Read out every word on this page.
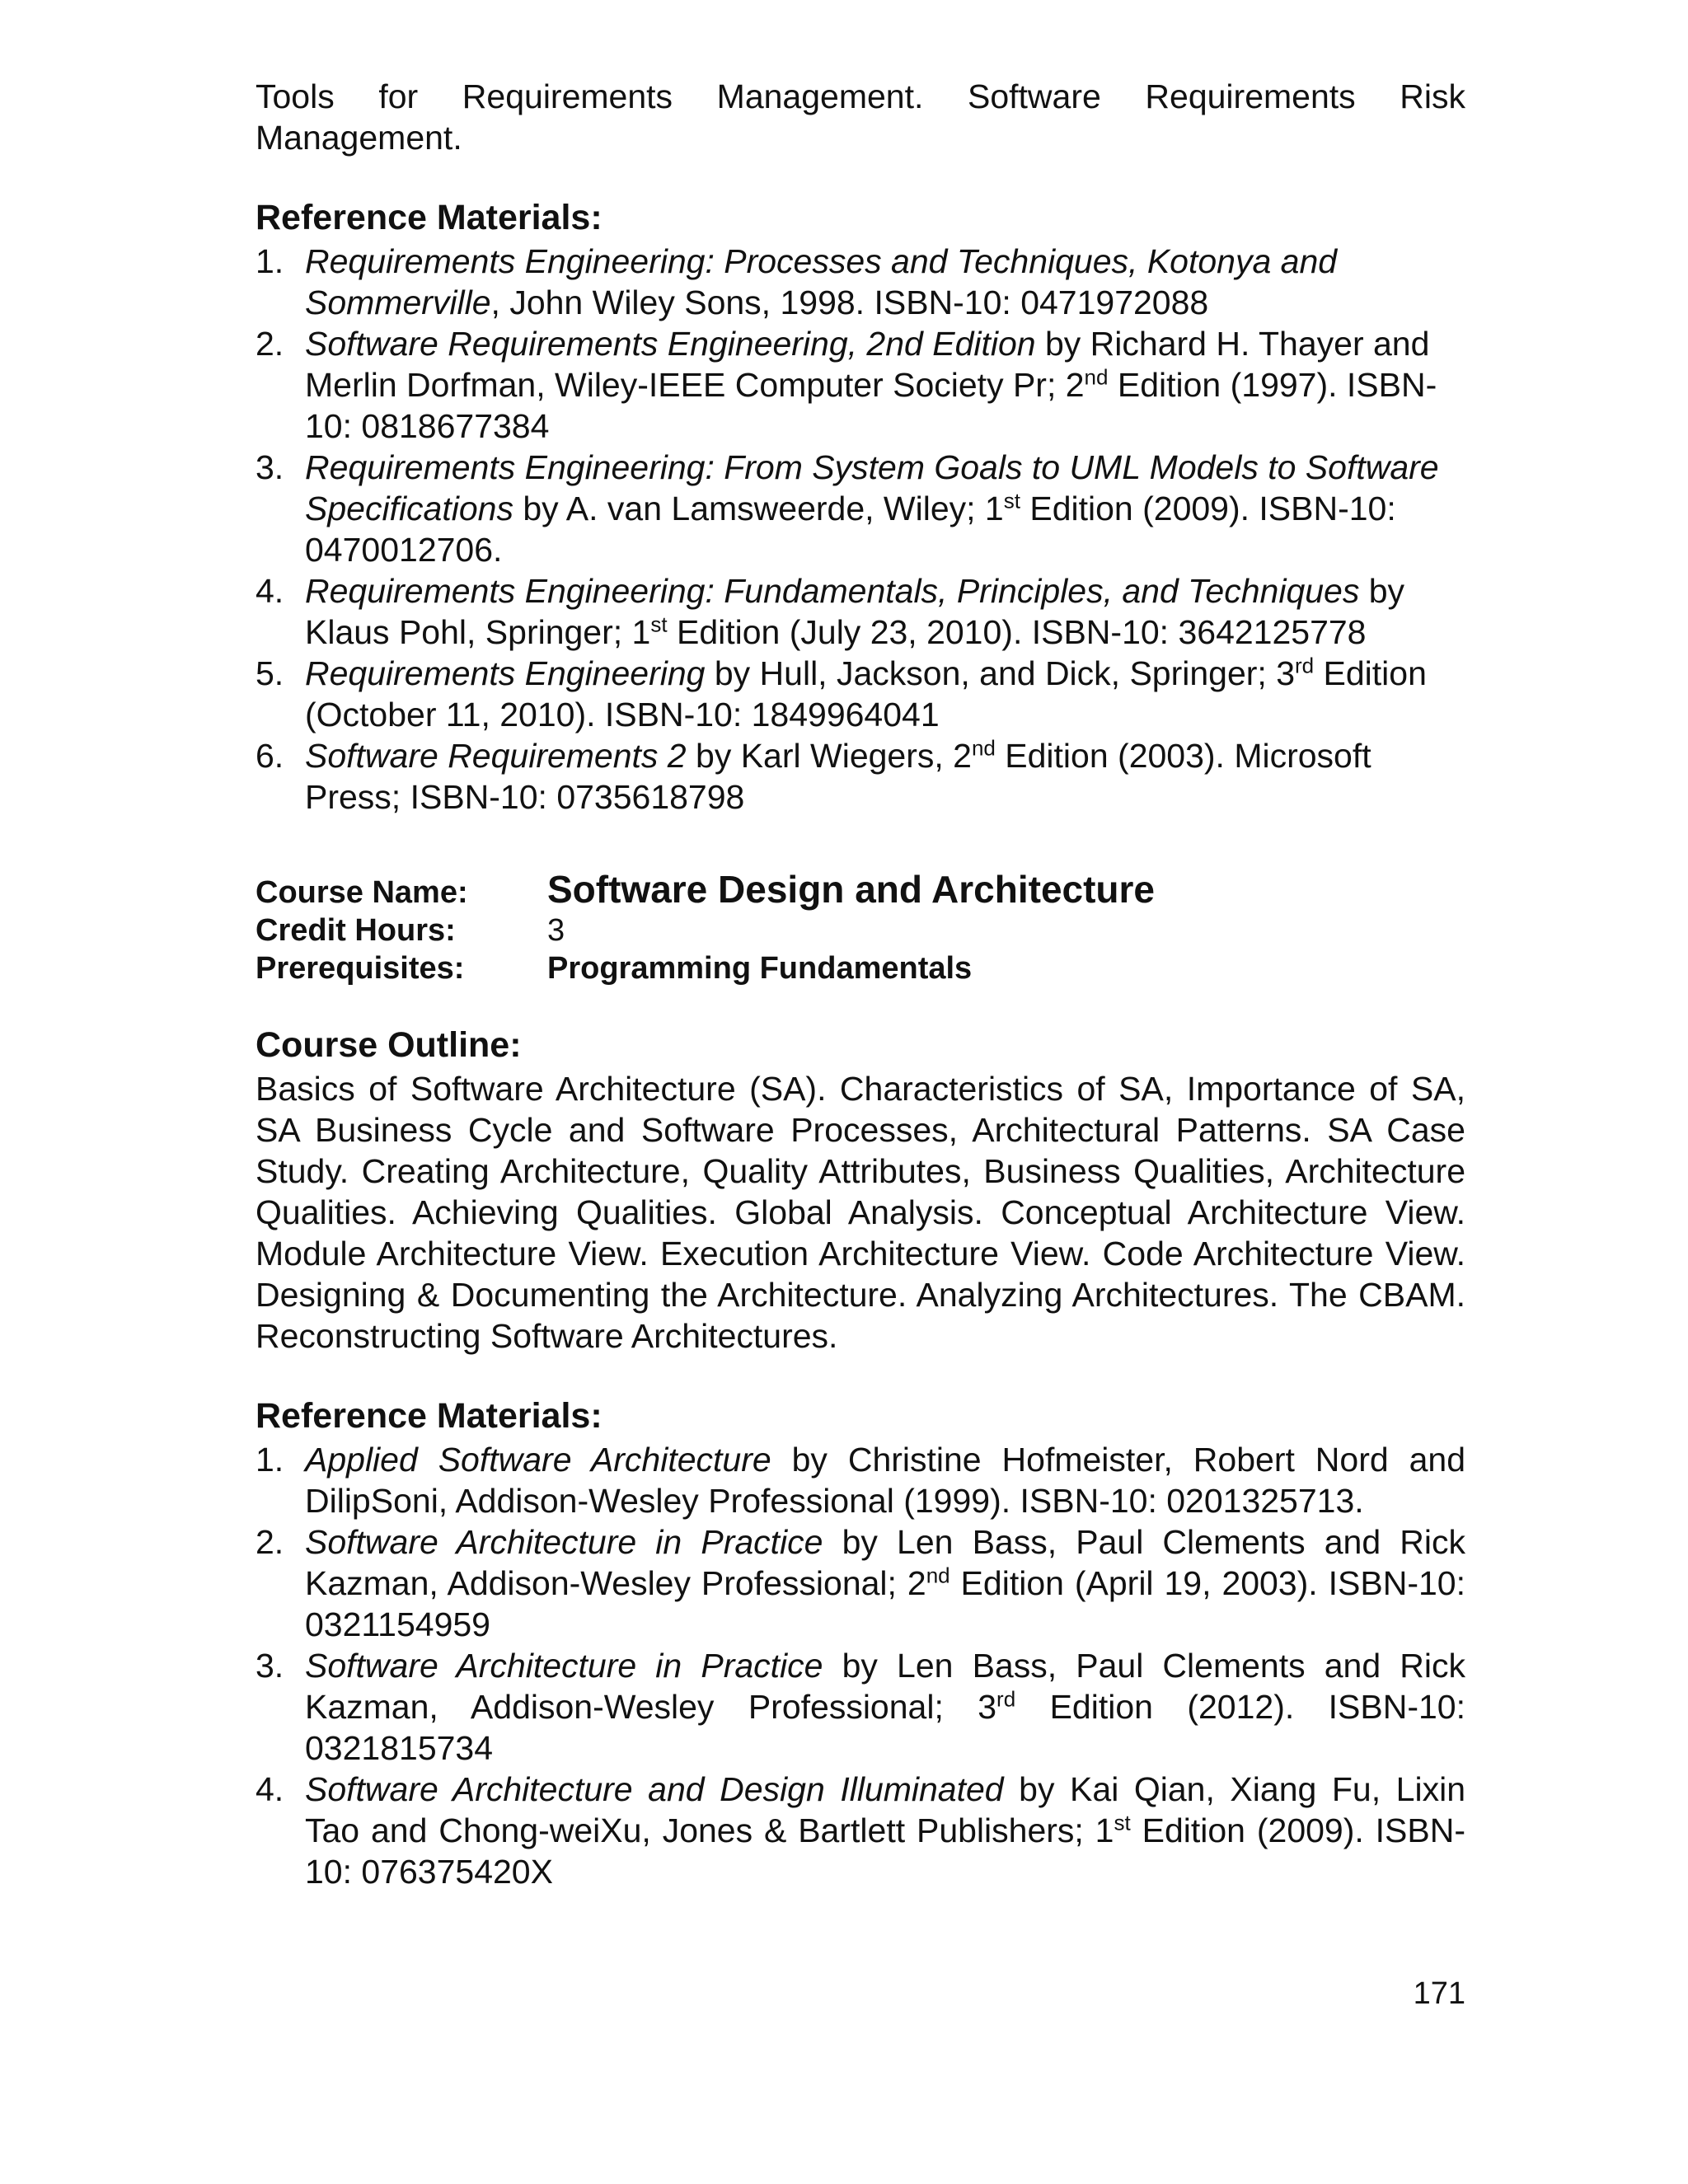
Tools for Requirements Management. Software Requirements Risk Management.

Reference Materials:
1. Requirements Engineering: Processes and Techniques, Kotonya and Sommerville, John Wiley Sons, 1998. ISBN-10: 0471972088
2. Software Requirements Engineering, 2nd Edition by Richard H. Thayer and Merlin Dorfman, Wiley-IEEE Computer Society Pr; 2nd Edition (1997). ISBN-10: 0818677384
3. Requirements Engineering: From System Goals to UML Models to Software Specifications by A. van Lamsweerde, Wiley; 1st Edition (2009). ISBN-10: 0470012706.
4. Requirements Engineering: Fundamentals, Principles, and Techniques by Klaus Pohl, Springer; 1st Edition (July 23, 2010). ISBN-10: 3642125778
5. Requirements Engineering by Hull, Jackson, and Dick, Springer; 3rd Edition (October 11, 2010). ISBN-10: 1849964041
6. Software Requirements 2 by Karl Wiegers, 2nd Edition (2003). Microsoft Press; ISBN-10: 0735618798
Course Name:	Software Design and Architecture
Credit Hours:	3
Prerequisites:	Programming Fundamentals
Course Outline:

Basics of Software Architecture (SA). Characteristics of SA, Importance of SA, SA Business Cycle and Software Processes, Architectural Patterns. SA Case Study. Creating Architecture, Quality Attributes, Business Qualities, Architecture Qualities. Achieving Qualities. Global Analysis. Conceptual Architecture View. Module Architecture View. Execution Architecture View. Code Architecture View. Designing & Documenting the Architecture. Analyzing Architectures. The CBAM. Reconstructing Software Architectures.

Reference Materials:
1. Applied Software Architecture by Christine Hofmeister, Robert Nord and DilipSoni, Addison-Wesley Professional (1999). ISBN-10: 0201325713.
2. Software Architecture in Practice by Len Bass, Paul Clements and Rick Kazman, Addison-Wesley Professional; 2nd Edition (April 19, 2003). ISBN-10: 0321154959
3. Software Architecture in Practice by Len Bass, Paul Clements and Rick Kazman, Addison-Wesley Professional; 3rd Edition (2012). ISBN-10: 0321815734
4. Software Architecture and Design Illuminated by Kai Qian, Xiang Fu, Lixin Tao and Chong-weiXu, Jones & Bartlett Publishers; 1st Edition (2009). ISBN-10: 076375420X
171
